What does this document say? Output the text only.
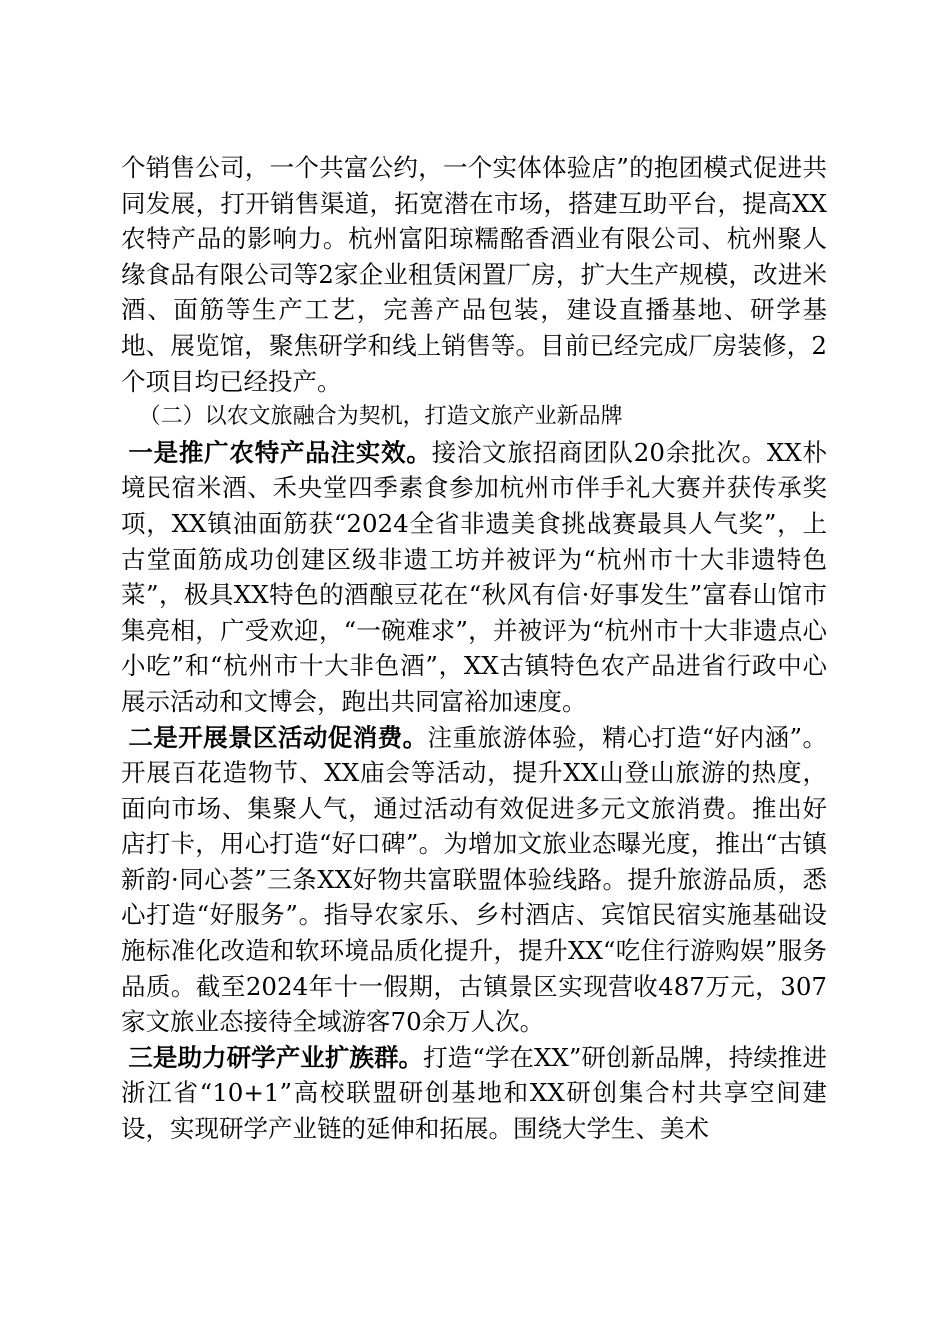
个销售公司，一个共富公约，一个实体体验店”的抱团模式促进共同发展，打开销售渠道，拓宽潜在市场，搭建互助平台，提高XX农特产品的影响力。杭州富阳琼糯酩香酒业有限公司、杭州聚人缘食品有限公司等2家企业租赁闲置厂房，扩大生产规模，改进米酒、面筋等生产工艺，完善产品包装，建设直播基地、研学基地、展览馆，聚焦研学和线上销售等。目前已经完成厂房装修，2个项目均已经投产。

（二）以农文旅融合为契机，打造文旅产业新品牌

一是推广农特产品注实效。接洽文旅招商团队20余批次。XX朴境民宿米酒、禾央堂四季素食参加杭州市伴手礼大赛并获传承奖项，XX镇油面筋获“2024全省非遗美食挑战赛最具人气奖”，上古堂面筋成功创建区级非遗工坊并被评为“杭州市十大非遗特色菜”，极具XX特色的酒酿豆花在“秋风有信·好事发生”富春山馆市集亮相，广受欢迎，“一碗难求”，并被评为“杭州市十大非遗点心小吃”和“杭州市十大非色酒”，XX古镇特色农产品进省行政中心展示活动和文博会，跑出共同富裕加速度。

二是开展景区活动促消费。注重旅游体验，精心打造“好内涵”。开展百花造物节、XX庙会等活动，提升XX山登山旅游的热度，面向市场、集聚人气，通过活动有效促进多元文旅消费。推出好店打卡，用心打造“好口碑”。为增加文旅业态曝光度，推出“古镇新韵·同心荟”三条XX好物共富联盟体验线路。提升旅游品质，悉心打造“好服务”。指导农家乐、乡村酒店、宾馆民宿实施基础设施标准化改造和软环境品质化提升，提升XX“吃住行游购娱”服务品质。截至2024年十一假期，古镇景区实现营收487万元，307家文旅业态接待全域游客70余万人次。

三是助力研学产业扩族群。打造“学在XX”研创新品牌，持续推进浙江省“10+1”高校联盟研创基地和XX研创集合村共享空间建设，实现研学产业链的延伸和拓展。围绕大学生、美术
